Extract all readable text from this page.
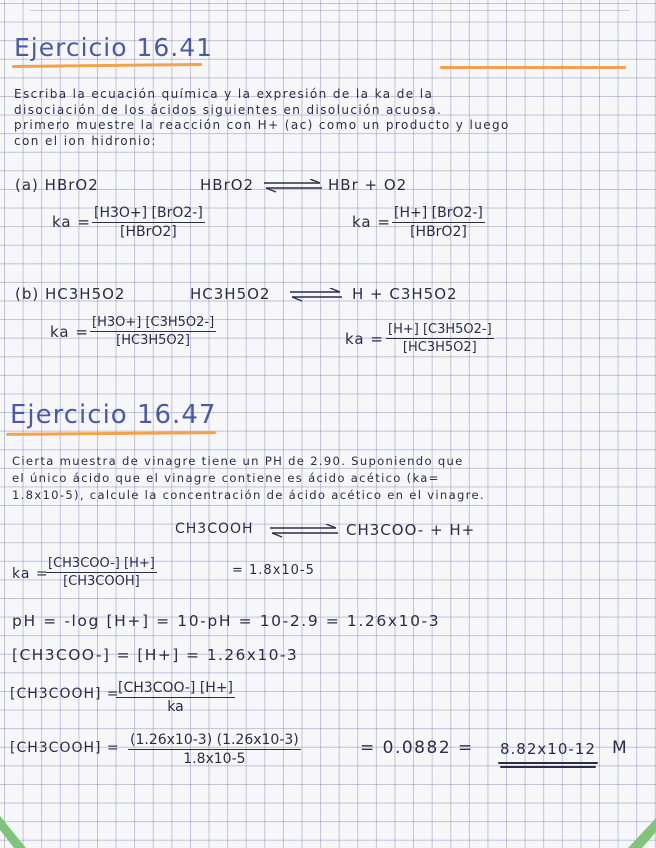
Ejercicio 16.41
Escriba la ecuación química y la expresión de la ka de la
disociación de los ácidos siguientes en disolución acuosa.
primero muestre la reacción con H+ (ac) como un producto y luego
con el ion hidronio:
(a) HBrO2	HBrO2	HBr + O2
ka = [H3O+] [BrO2-]
[HBrO2]
ka = [H+] [BrO2-]
[HBrO2]
(b) HC3H5O2	HC3H5O2	H + C3H5O2
ka = $\frac{[H3O+] [C3H5O2-]}{[HC3H5O2]}$	ka = $\frac{[H+] [C3H5O2-]}{[HC3H5O2]}$
Ejercicio 16.47
Cierta muestra de vinagre tiene un PH de 2.90. Suponiendo que
el único ácido que el vinagre contiene es ácido acético (ka=
1.8x10-5), calcule la concentración de ácido acético en el vinagre.
CH3COOH	CH3COO- + H+
ka =
[CH3COO-] [H+]
[CH3COOH]
= 1.8x10-5
pH = -log [H+] = 10-pH = 10-2.9 = 1.26x10-3
[CH3COO-] = [H+] = 1.26x10-3
[CH3COOH] =
[CH3COO-] [H+]
ka
[CH3COOH] = $\frac{(1.26x10-3) (1.26x10-3)}{1.8x10-5}$	= 0.0882 = 8.82x10-12 M
